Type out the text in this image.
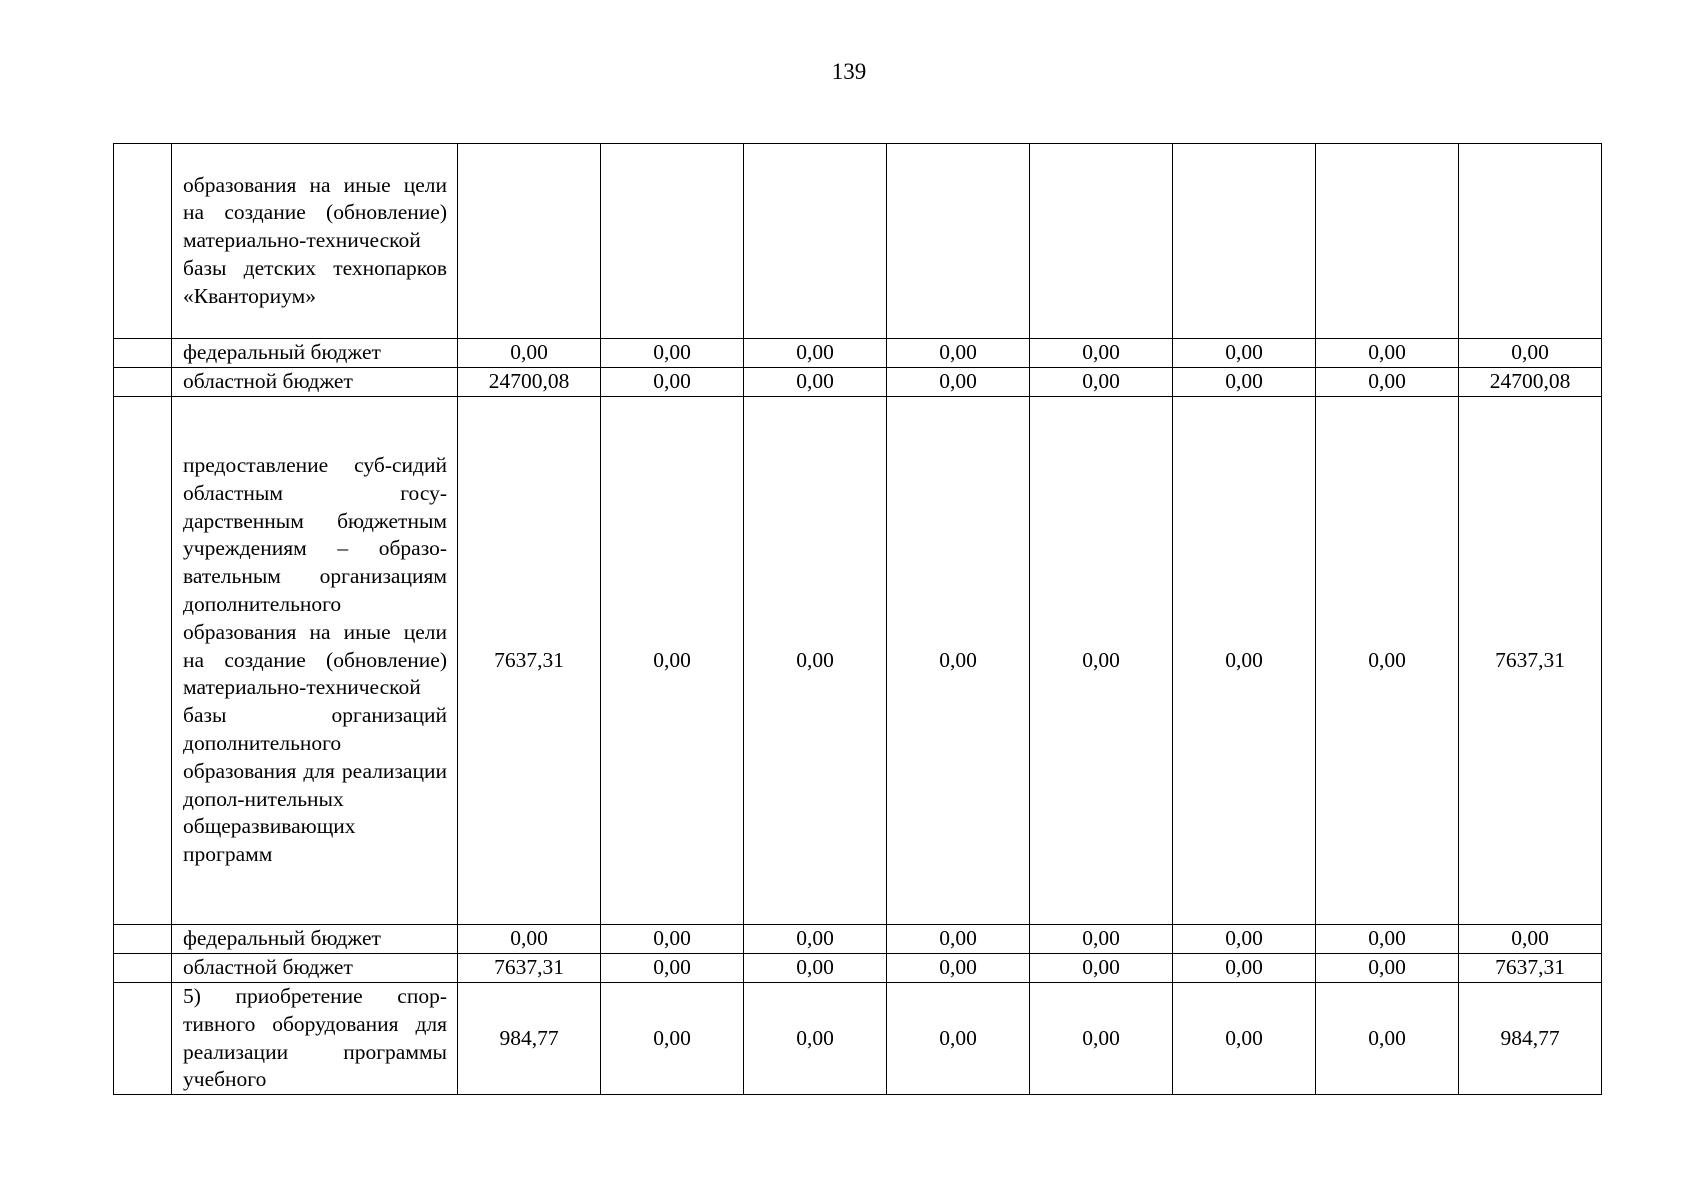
139
	образования на иные цели на создание (обновление) материально-технической базы детских технопарков «Кванториум»								
	федеральный бюджет	0,00	0,00	0,00	0,00	0,00	0,00	0,00	0,00
	областной бюджет	24700,08	0,00	0,00	0,00	0,00	0,00	0,00	24700,08
	предоставление суб-сидий областным госу-дарственным бюджетным учреждениям – образо-вательным организациям дополнительного образования на иные цели на создание (обновление) материально-технической базы организаций дополнительного образования для реализации допол-нительных общеразвивающих программ	7637,31	0,00	0,00	0,00	0,00	0,00	0,00	7637,31
	федеральный бюджет	0,00	0,00	0,00	0,00	0,00	0,00	0,00	0,00
	областной бюджет	7637,31	0,00	0,00	0,00	0,00	0,00	0,00	7637,31
	5) приобретение спор-тивного оборудования для реализации программы учебного	984,77	0,00	0,00	0,00	0,00	0,00	0,00	984,77
